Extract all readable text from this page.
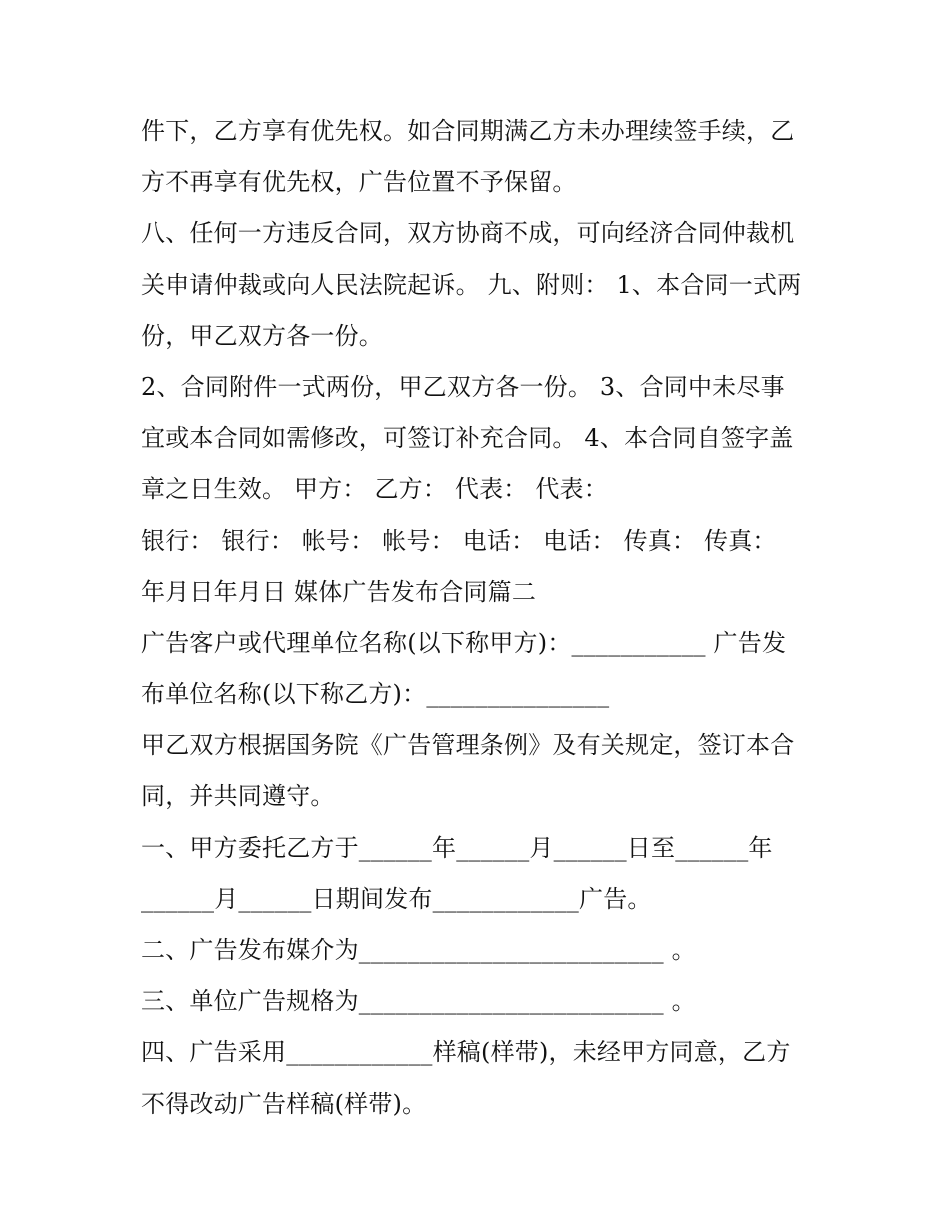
件下，乙方享有优先权。如合同期满乙方未办理续签手续，乙
方不再享有优先权，广告位置不予保留。
八、任何一方违反合同，双方协商不成，可向经济合同仲裁机
关申请仲裁或向人民法院起诉。 九、附则： 1、本合同一式两
份，甲乙双方各一份。
2、合同附件一式两份，甲乙双方各一份。 3、合同中未尽事
宜或本合同如需修改，可签订补充合同。 4、本合同自签字盖
章之日生效。 甲方： 乙方： 代表： 代表：
银行： 银行： 帐号： 帐号： 电话： 电话： 传真： 传真：
年月日年月日 媒体广告发布合同篇二
广告客户或代理单位名称(以下称甲方)：___________ 广告发
布单位名称(以下称乙方)：_______________
甲乙双方根据国务院《广告管理条例》及有关规定，签订本合
同，并共同遵守。
一、甲方委托乙方于______年______月______日至______年
______月______日期间发布____________广告。
二、广告发布媒介为_________________________ 。
三、单位广告规格为_________________________ 。
四、广告采用____________样稿(样带)，未经甲方同意，乙方
不得改动广告样稿(样带)。
